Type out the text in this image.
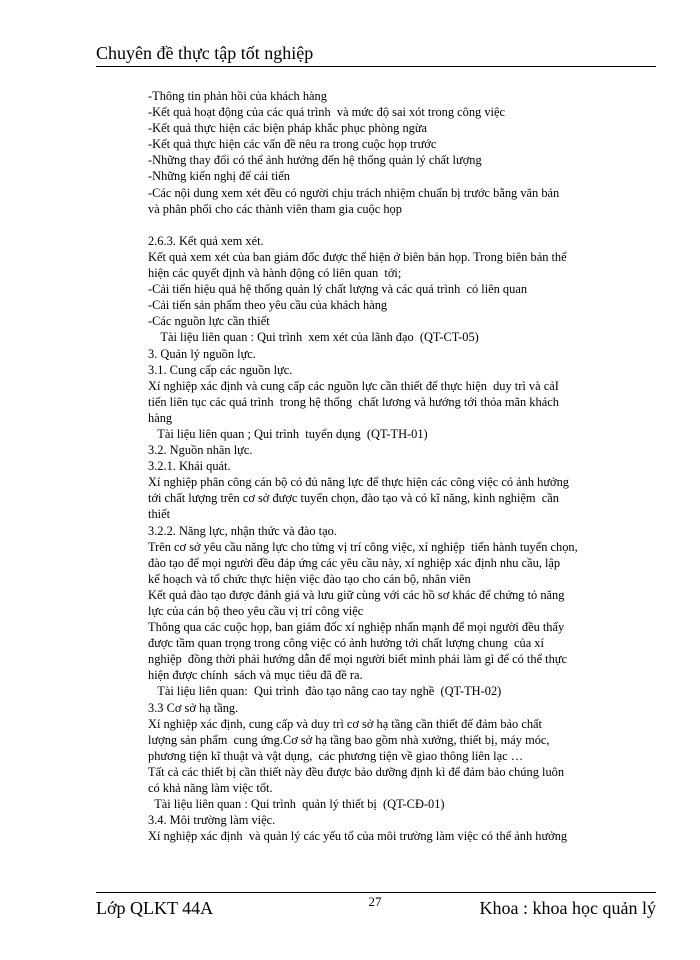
Chuyên đề thực tập tốt nghiệp

-Thông tin phản hồi của khách hàng

-Kết quả hoạt động của các quá trình  và mức độ sai xót trong công việc

-Kết quả thực hiện các biện pháp khắc phục phòng ngừa

-Kết quả thực hiện các vấn đề nêu ra trong cuộc họp trước

-Những thay đổi có thể ảnh hưởng đến hệ thống quản lý chất lượng

-Những kiến nghị để cải tiến

-Các nội dung xem xét đều có người chịu trách nhiệm chuẩn bị trước bằng văn bản

và phân phối cho các thành viên tham gia cuộc họp

2.6.3. Kết quả xem xét.

Kết quả xem xét của ban giám đốc được thể hiện ở biên bản họp. Trong biên bản thể

hiện các quyết định và hành động có liên quan  tới;

-Cải tiến hiệu quả hệ thống quản lý chất lượng và các quá trình  có liên quan

-Cải tiến sản phẩm theo yêu cầu của khách hàng

-Các nguồn lực cần thiết

Tài liệu liên quan : Qui trình  xem xét của lãnh đạo  (QT-CT-05)

3. Quản lý nguồn lực.

3.1. Cung cấp các nguồn lực.

Xí nghiệp xác định và cung cấp các nguồn lực cần thiết để thực hiện  duy trì và cảI

tiến liên tục các quá trình  trong hệ thống  chất lương và hướng tới thỏa mãn khách

hàng

Tài liệu liên quan ; Qui trình  tuyển dụng  (QT-TH-01)

3.2. Nguồn nhân lực.

3.2.1. Khái quát.

Xí nghiệp phân công cán bộ có đủ năng lực để thực hiện các công việc có ảnh hưởng

tới chất lượng trên cơ sở được tuyển chọn, đào tạo và có kĩ năng, kinh nghiệm  cần

thiết

3.2.2. Năng lực, nhận thức và đào tạo.

Trên cơ sở yêu cầu năng lực cho từng vị trí công việc, xí nghiệp  tiến hành tuyển chọn,

đào tạo để mọi người đều đáp ứng các yêu cầu này, xí nghiệp xác định nhu cầu, lập

kế hoạch và tổ chức thực hiện việc đào tạo cho cán bộ, nhân viên

Kết quả đào tạo được đánh giá và lưu giữ cùng với các hồ sơ khác để chứng tỏ năng

lực của cán bộ theo yêu cầu vị trí công việc

Thông qua các cuộc họp, ban giám đốc xí nghiệp nhấn mạnh để mọi người đều thấy

được tầm quan trọng trong công việc có ảnh hưởng tới chất lượng chung  của xí

nghiệp  đồng thời phải hướng dẫn để mọi người biết mình phải làm gì để có thể thực

hiện được chính  sách và mục tiêu đã đề ra.

Tài liệu liên quan:  Qui trình  đào tạo nâng cao tay nghề  (QT-TH-02)

3.3 Cơ sở hạ tầng.

Xí nghiệp xác định, cung cấp và duy trì cơ sở hạ tầng cần thiết để đảm bảo chất

lượng sản phẩm  cung ứng.Cơ sở hạ tầng bao gồm nhà xưởng, thiết bị, máy móc,

phương tiện kĩ thuật và vật dụng,  các phương tiện về giao thông liên lạc …

Tất cả các thiết bị cần thiết này đều được bảo dưỡng định kì để đảm bảo chúng luôn

có khả năng làm việc tốt.

Tài liệu liên quan : Qui trình  quản lý thiết bị  (QT-CĐ-01)

3.4. Môi trường làm việc.

Xí nghiệp xác định  và quản lý các yếu tố của môi trường làm việc có thể ảnh hưởng

Lớp QLKT 44A	27	Khoa : khoa học quản lý
